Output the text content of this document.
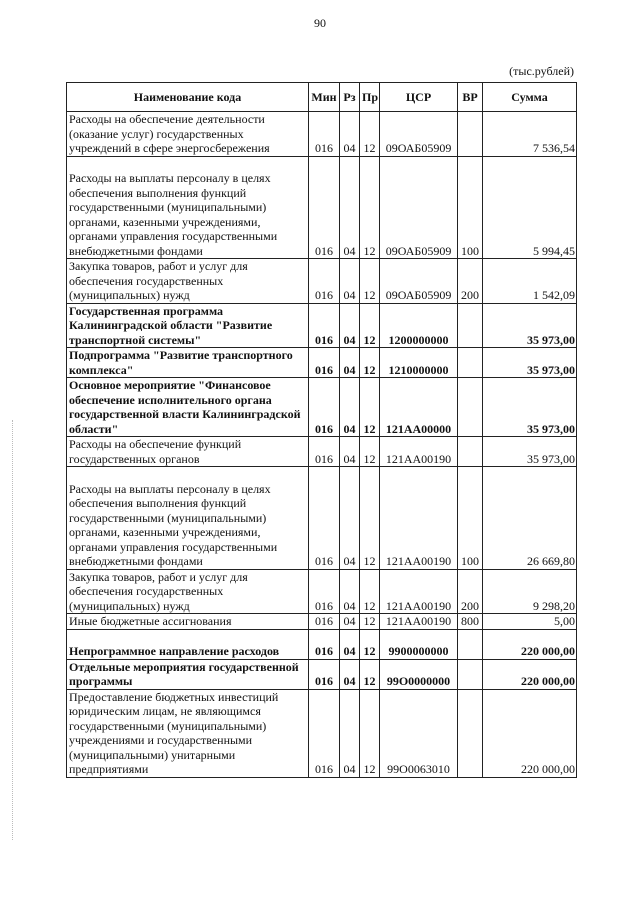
90
(тыс.рублей)
Наименование кода	Мин	Рз	Пр	ЦСР	ВР	Сумма
Расходы на обеспечение деятельности (оказание услуг) государственных учреждений в сфере энергосбережения	016	04	12	09ОАБ05909		7 536,54
Расходы на выплаты персоналу в целях обеспечения выполнения функций государственными (муниципальными) органами, казенными учреждениями, органами управления государственными внебюджетными фондами	016	04	12	09ОАБ05909	100	5 994,45
Закупка товаров, работ и услуг для обеспечения государственных (муниципальных) нужд	016	04	12	09ОАБ05909	200	1 542,09
Государственная программа Калининградской области "Развитие транспортной системы"	016	04	12	1200000000		35 973,00
Подпрограмма "Развитие транспортного комплекса"	016	04	12	1210000000		35 973,00
Основное мероприятие "Финансовое обеспечение исполнительного органа государственной власти Калининградской области"	016	04	12	121АА00000		35 973,00
Расходы на обеспечение функций государственных органов	016	04	12	121АА00190		35 973,00
Расходы на выплаты персоналу в целях обеспечения выполнения функций государственными (муниципальными) органами, казенными учреждениями, органами управления государственными внебюджетными фондами	016	04	12	121АА00190	100	26 669,80
Закупка товаров, работ и услуг для обеспечения государственных (муниципальных) нужд	016	04	12	121АА00190	200	9 298,20
Иные бюджетные ассигнования	016	04	12	121АА00190	800	5,00
Непрограммное направление расходов	016	04	12	9900000000		220 000,00
Отдельные мероприятия государственной программы	016	04	12	99О0000000		220 000,00
Предоставление бюджетных инвестиций юридическим лицам, не являющимся государственными (муниципальными) учреждениями и государственными (муниципальными) унитарными предприятиями	016	04	12	99О0063010		220 000,00
